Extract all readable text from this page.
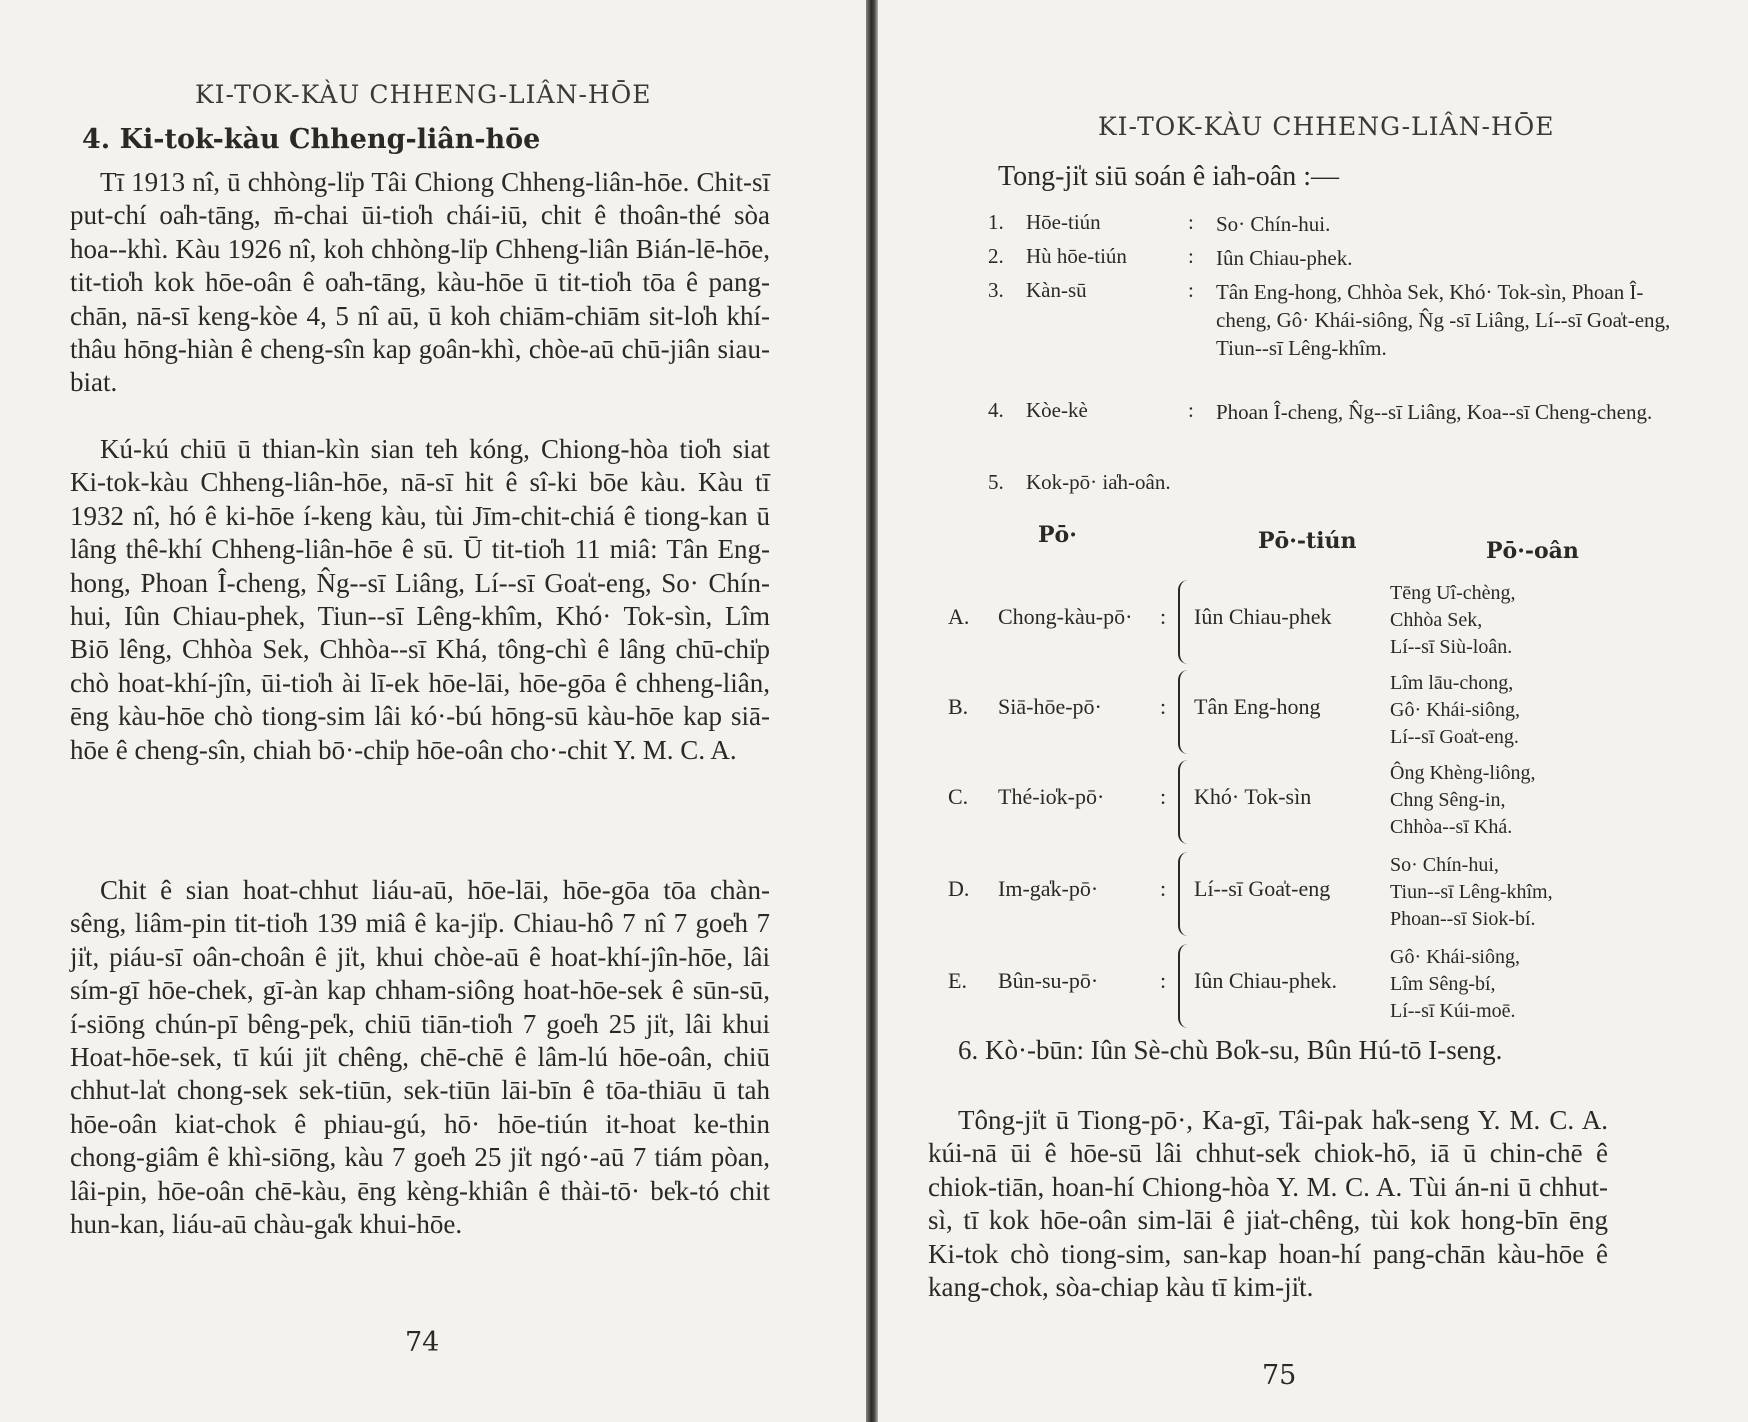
KI-TOK-KÀU CHHENG-LIÂN-HŌE
4. Ki-tok-kàu Chheng-liân-hōe
Tī 1913 nî, ū chhòng-li̍p Tâi Chiong Chheng-liân-hōe. Chit-sī put-chí oa̍h-tāng, m̄-chai ūi-tio̍h chái-iū, chit ê thoân-thé sòa hoa--khì. Kàu 1926 nî, koh chhòng-li̍p Chheng-liân Bián-lē-hōe, tit-tio̍h kok hōe-oân ê oa̍h-tāng, kàu-hōe ū tit-tio̍h tōa ê pang-chān, nā-sī keng-kòe 4, 5 nî aū, ū koh chiām-chiām sit-lo̍h khí-thâu hōng-hiàn ê cheng-sîn kap goân-khì, chòe-aū chū-jiân siau-biat.
Kú-kú chiū ū thian-kìn sian teh kóng, Chiong-hòa tio̍h siat Ki-tok-kàu Chheng-liân-hōe, nā-sī hit ê sî-ki bōe kàu. Kàu tī 1932 nî, hó ê ki-hōe í-keng kàu, tùi Jīm-chit-chiá ê tiong-kan ū lâng thê-khí Chheng-liân-hōe ê sū. Ū tit-tio̍h 11 miâ: Tân Eng-hong, Phoan Î-cheng, N̂g--sī Liâng, Lí--sī Goa̍t-eng, So· Chín-hui, Iûn Chiau-phek, Tiun--sī Lêng-khîm, Khó· Tok-sìn, Lîm Biō lêng, Chhòa Sek, Chhòa--sī Khá, tông-chì ê lâng chū-chi̍p chò hoat-khí-jîn, ūi-tio̍h ài lī-ek hōe-lāi, hōe-gōa ê chheng-liân, ēng kàu-hōe chò tiong-sim lâi kó·-bú hōng-sū kàu-hōe kap siā-hōe ê cheng-sîn, chiah bō·-chi̍p hōe-oân cho·-chit Y. M. C. A.
Chit ê sian hoat-chhut liáu-aū, hōe-lāi, hōe-gōa tōa chàn-sêng, liâm-pin tit-tio̍h 139 miâ ê ka-ji̍p. Chiau-hô 7 nî 7 goe̍h 7 ji̍t, piáu-sī oân-choân ê ji̍t, khui chòe-aū ê hoat-khí-jîn-hōe, lâi sím-gī hōe-chek, gī-àn kap chham-siông hoat-hōe-sek ê sūn-sū, í-siōng chún-pī bêng-pe̍k, chiū tiān-tio̍h 7 goe̍h 25 ji̍t, lâi khui Hoat-hōe-sek, tī kúi ji̍t chêng, chē-chē ê lâm-lú hōe-oân, chiū chhut-la̍t chong-sek sek-tiūn, sek-tiūn lāi-bīn ê tōa-thiāu ū tah hōe-oân kiat-chok ê phiau-gú, hō· hōe-tiún it-hoat ke-thin chong-giâm ê khì-siōng, kàu 7 goe̍h 25 ji̍t ngó·-aū 7 tiám pòan, lâi-pin, hōe-oân chē-kàu, ēng kèng-khiân ê thài-tō· be̍k-tó chit hun-kan, liáu-aū chàu-ga̍k khui-hōe.
74
KI-TOK-KÀU CHHENG-LIÂN-HŌE
Tong-ji̍t siū soán ê ia̍h-oân :—
1. Hōe-tiún	: So· Chín-hui.
2. Hù hōe-tiún	: Iûn Chiau-phek.
3. Kàn-sū	: Tân Eng-hong, Chhòa Sek, Khó· Tok-sìn, Phoan Î-cheng, Gô· Khái-siông, N̂g -sī Liâng, Lí--sī Goa̍t-eng, Tiun--sī Lêng-khîm.
4. Kòe-kè	: Phoan Î-cheng, N̂g--sī Liâng, Koa--sī Cheng-cheng.
5. Kok-pō· ia̍h-oân.
Pō·	Pō·-tiún	Pō·-oân
A. Chong-kàu-pō· : Iûn Chiau-phek
Tēng Uî-chèng,
Chhòa Sek,
Lí--sī Siù-loân.
B. Siā-hōe-pō·	: Tân Eng-hong
Lîm lāu-chong,
Gô· Khái-siông,
Lí--sī Goa̍t-eng.
C. Thé-io̍k-pō·	: Khó· Tok-sìn
Ông Khèng-liông,
Chng Sêng-in,
Chhòa--sī Khá.
D. Im-ga̍k-pō·	: Lí--sī Goa̍t-eng
So· Chín-hui,
Tiun--sī Lêng-khîm,
Phoan--sī Siok-bí.
E. Bûn-su-pō·	: Iûn Chiau-phek.
Gô· Khái-siông,
Lîm Sêng-bí,
Lí--sī Kúi-moē.
6. Kò·-būn: Iûn Sè-chù Bo̍k-su, Bûn Hú-tō I-seng.
Tông-ji̍t ū Tiong-pō·, Ka-gī, Tâi-pak ha̍k-seng Y. M. C. A. kúi-nā ūi ê hōe-sū lâi chhut-se̍k chiok-hō, iā ū chin-chē ê chiok-tiān, hoan-hí Chiong-hòa Y. M. C. A. Tùi án-ni ū chhut-sì, tī kok hōe-oân sim-lāi ê jia̍t-chêng, tùi kok hong-bīn ēng Ki-tok chò tiong-sim, san-kap hoan-hí pang-chān kàu-hōe ê kang-chok, sòa-chiap kàu tī kim-ji̍t.
75
